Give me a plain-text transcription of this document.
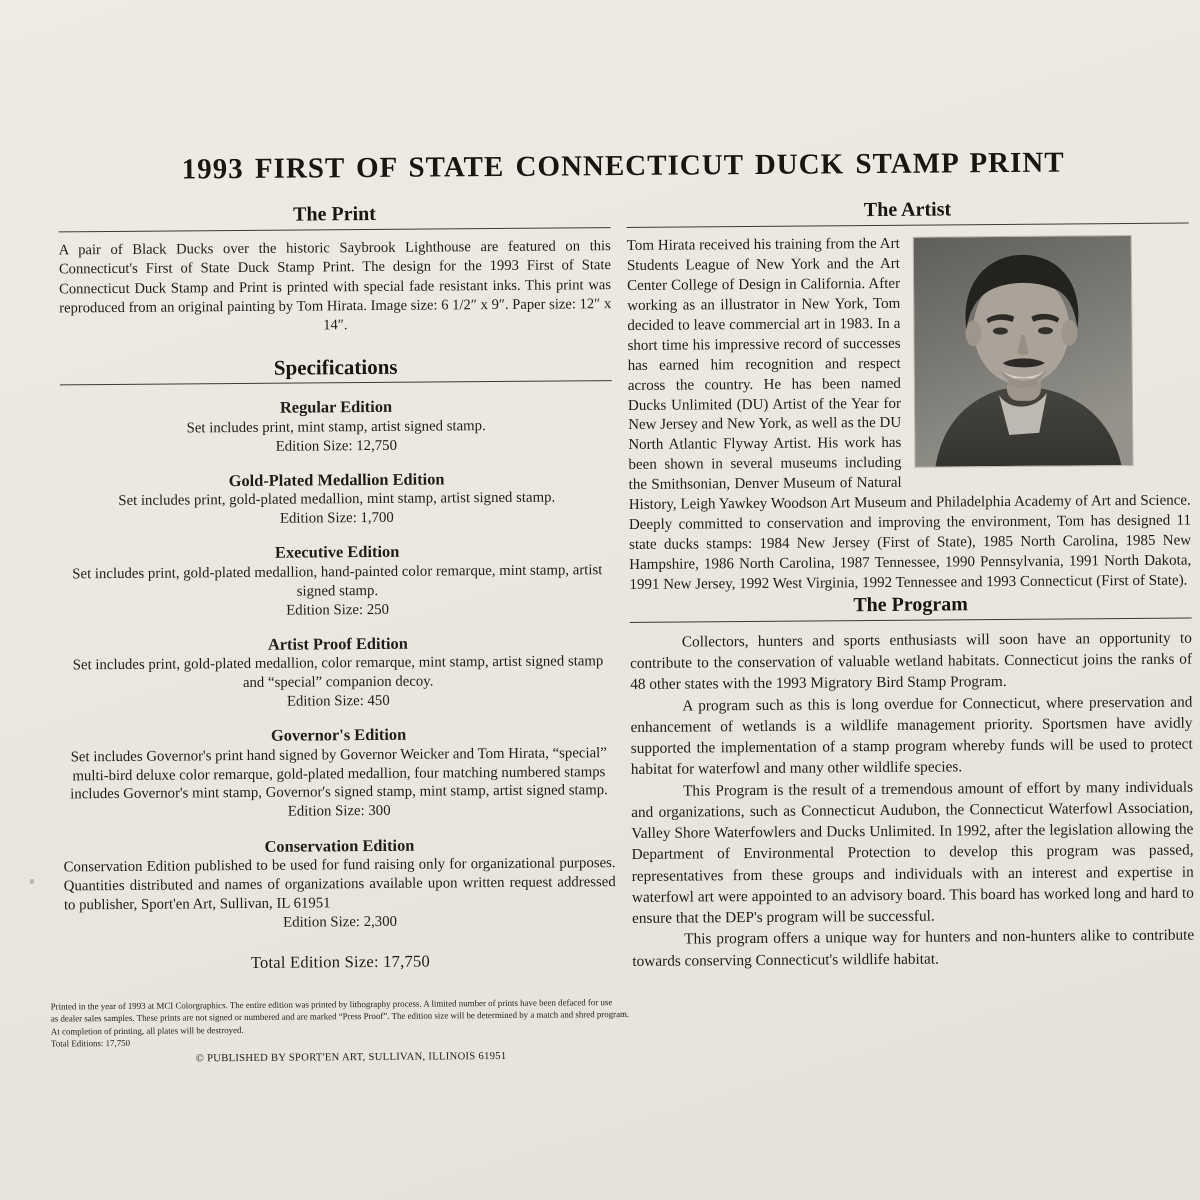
1993 FIRST OF STATE CONNECTICUT DUCK STAMP PRINT
The Print

A pair of Black Ducks over the historic Saybrook Lighthouse are featured on this Connecticut's First of State Duck Stamp Print. The design for the 1993 First of State Connecticut Duck Stamp and Print is printed with special fade resistant inks. This print was reproduced from an original painting by Tom Hirata. Image size: 6 1/2″ x 9″. Paper size: 12″ x 14″.

Specifications

Regular Edition

Set includes print, mint stamp, artist signed stamp.

Edition Size: 12,750

Gold-Plated Medallion Edition

Set includes print, gold-plated medallion, mint stamp, artist signed stamp.

Edition Size: 1,700

Executive Edition

Set includes print, gold-plated medallion, hand-painted color remarque, mint stamp, artist signed stamp.

Edition Size: 250

Artist Proof Edition

Set includes print, gold-plated medallion, color remarque, mint stamp, artist signed stamp and “special” companion decoy.

Edition Size: 450

Governor's Edition

Set includes Governor's print hand signed by Governor Weicker and Tom Hirata, “special” multi-bird deluxe color remarque, gold-plated medallion, four matching numbered stamps includes Governor's mint stamp, Governor's signed stamp, mint stamp, artist signed stamp.

Edition Size: 300

Conservation Edition

Conservation Edition published to be used for fund raising only for organizational purposes. Quantities distributed and names of organizations available upon written request addressed to publisher, Sport'en Art, Sullivan, IL 61951

Edition Size: 2,300

Total Edition Size: 17,750

Printed in the year of 1993 at MCI Colorgraphics. The entire edition was printed by lithography process. A limited number of prints have been defaced for use
as dealer sales samples. These prints are not signed or numbered and are marked “Press Proof”. The edition size will be determined by a match and shred program.
At completion of printing, all plates will be destroyed.
Total Editions: 17,750

© PUBLISHED BY SPORT'EN ART, SULLIVAN, ILLINOIS 61951

The Artist

Tom Hirata received his training from the Art Students League of New York and the Art Center College of Design in California. After working as an illustrator in New York, Tom decided to leave commercial art in 1983. In a short time his impressive record of successes has earned him recognition and respect across the country. He has been named Ducks Unlimited (DU) Artist of the Year for New Jersey and New York, as well as the DU North Atlantic Flyway Artist. His work has been shown in several museums including the Smithsonian, Denver Museum of Natural History, Leigh Yawkey Woodson Art Museum and Philadelphia Academy of Art and Science. Deeply committed to conservation and improving the environment, Tom has designed 11 state ducks stamps: 1984 New Jersey (First of State), 1985 North Carolina, 1985 New Hampshire, 1986 North Carolina, 1987 Tennessee, 1990 Pennsylvania, 1991 North Dakota, 1991 New Jersey, 1992 West Virginia, 1992 Tennessee and 1993 Connecticut (First of State).

The Program

Collectors, hunters and sports enthusiasts will soon have an opportunity to contribute to the conservation of valuable wetland habitats. Connecticut joins the ranks of 48 other states with the 1993 Migratory Bird Stamp Program.

A program such as this is long overdue for Connecticut, where preservation and enhancement of wetlands is a wildlife management priority. Sportsmen have avidly supported the implementation of a stamp program whereby funds will be used to protect habitat for waterfowl and many other wildlife species.

This Program is the result of a tremendous amount of effort by many individuals and organizations, such as Connecticut Audubon, the Connecticut Waterfowl Association, Valley Shore Waterfowlers and Ducks Unlimited. In 1992, after the legislation allowing the Department of Environmental Protection to develop this program was passed, representatives from these groups and individuals with an interest and expertise in waterfowl art were appointed to an advisory board. This board has worked long and hard to ensure that the DEP's program will be successful.

This program offers a unique way for hunters and non-hunters alike to contribute towards conserving Connecticut's wildlife habitat.
